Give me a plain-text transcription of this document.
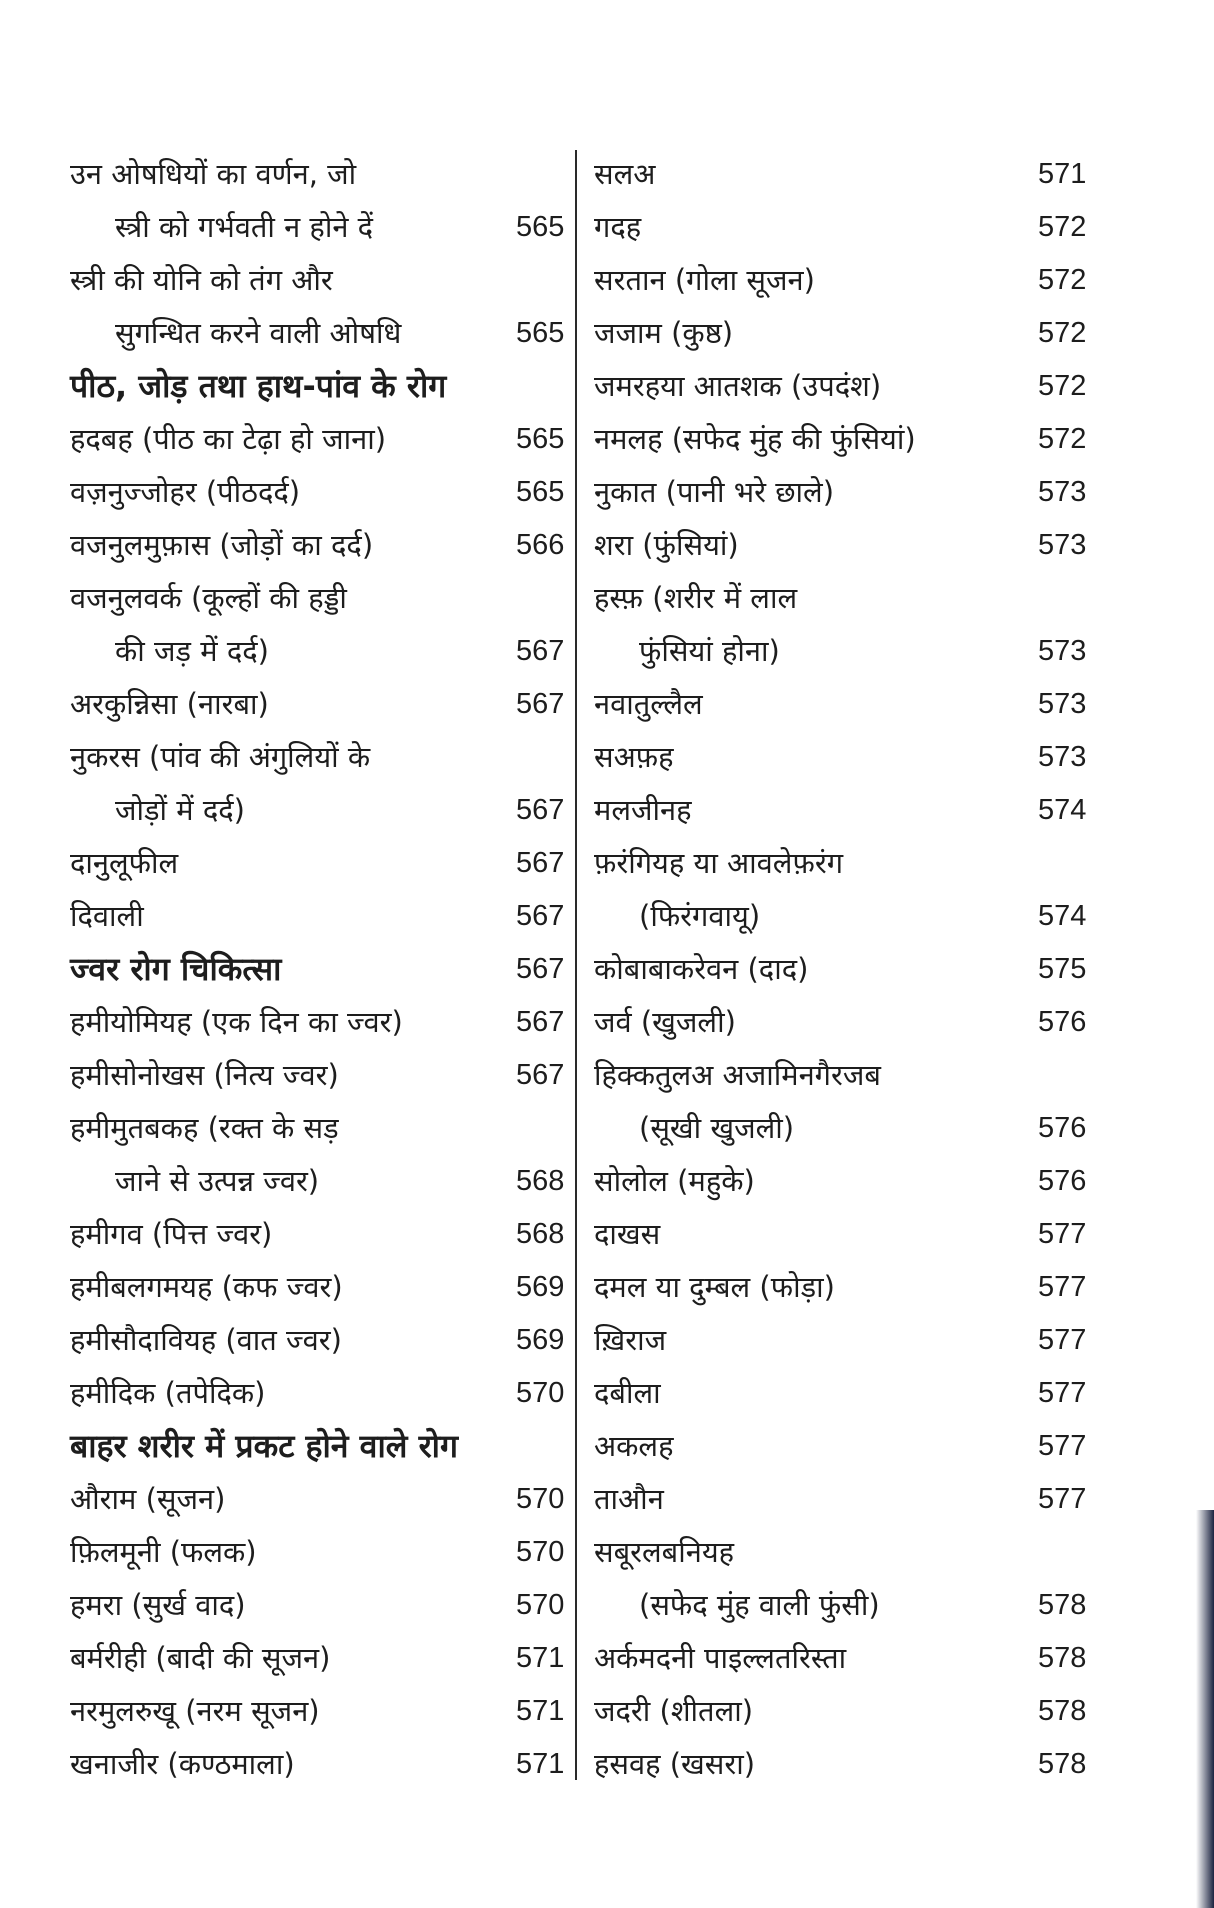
उन ओषधियों का वर्णन, जो
स्त्री को गर्भवती न होने दें	565
स्त्री की योनि को तंग और
सुगन्धित करने वाली ओषधि	565
पीठ, जोड़ तथा हाथ-पांव के रोग
हदबह (पीठ का टेढ़ा हो जाना)	565
वज़नुज्जोहर (पीठदर्द)	565
वजनुलमुफ़ास (जोड़ों का दर्द)	566
वजनुलवर्क (कूल्हों की हड्डी
की जड़ में दर्द)	567
अरकुन्निसा (नारबा)	567
नुकरस (पांव की अंगुलियों के
जोड़ों में दर्द)	567
दानुलूफील	567
दिवाली	567
ज्वर रोग चिकित्सा	567
हमीयोमियह (एक दिन का ज्वर)	567
हमीसोनोखस (नित्य ज्वर)	567
हमीमुतबकह (रक्त के सड़
जाने से उत्पन्न ज्वर)	568
हमीगव (पित्त ज्वर)	568
हमीबलगमयह (कफ ज्वर)	569
हमीसौदावियह (वात ज्वर)	569
हमीदिक (तपेदिक)	570
बाहर शरीर में प्रकट होने वाले रोग
औराम (सूजन)	570
फ़िलमूनी (फलक)	570
हमरा (सुर्ख वाद)	570
बर्मरीही (बादी की सूजन)	571
नरमुलरुखू (नरम सूजन)	571
खनाजीर (कण्ठमाला)	571
सलअ	571
गदह	572
सरतान (गोला सूजन)	572
जजाम (कुष्ठ)	572
जमरहया आतशक (उपदंश)	572
नमलह (सफेद मुंह की फुंसियां)	572
नुकात (पानी भरे छाले)	573
शरा (फुंसियां)	573
हस्फ़ (शरीर में लाल
फुंसियां होना)	573
नवातुल्लैल	573
सअफ़ह	573
मलजीनह	574
फ़रंगियह या आवलेफ़रंग
(फिरंगवायू)	574
कोबाबाकरेवन (दाद)	575
जर्व (खुजली)	576
हिक्कतुलअ अजामिनगैरजब
(सूखी खुजली)	576
सोलोल (महुके)	576
दाखस	577
दमल या दुम्बल (फोड़ा)	577
ख़िराज	577
दबीला	577
अकलह	577
ताऔन	577
सबूरलबनियह
(सफेद मुंह वाली फुंसी)	578
अर्कमदनी पाइल्लतरिस्ता	578
जदरी (शीतला)	578
हसवह (खसरा)	578
